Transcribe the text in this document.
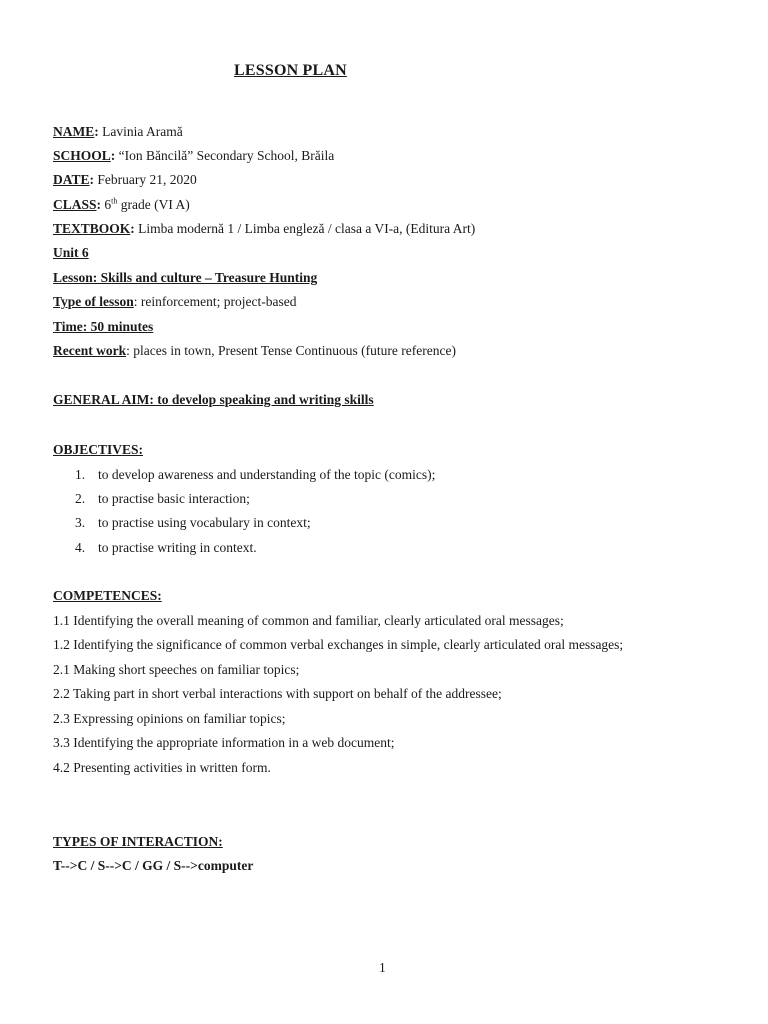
LESSON PLAN
NAME: Lavinia Aramă
SCHOOL: “Ion Băncilă” Secondary School, Brăila
DATE: February 21, 2020
CLASS: 6th grade (VI A)
TEXTBOOK: Limba modernă 1 / Limba engleză / clasa a VI-a, (Editura Art)
Unit 6
Lesson: Skills and culture – Treasure Hunting
Type of lesson: reinforcement; project-based
Time: 50 minutes
Recent work: places in town, Present Tense Continuous (future reference)
GENERAL AIM: to develop speaking and writing skills
OBJECTIVES:
1. to develop awareness and understanding of the topic (comics);
2. to practise basic interaction;
3. to practise using vocabulary in context;
4. to practise writing in context.
COMPETENCES:
1.1 Identifying the overall meaning of common and familiar, clearly articulated oral messages;
1.2 Identifying the significance of common verbal exchanges in simple, clearly articulated oral messages;
2.1 Making short speeches on familiar topics;
2.2 Taking part in short verbal interactions with support on behalf of the addressee;
2.3 Expressing opinions on familiar topics;
3.3 Identifying the appropriate information in a web document;
4.2 Presenting activities in written form.
TYPES OF INTERACTION:
T-->C / S-->C / GG / S-->computer
1
